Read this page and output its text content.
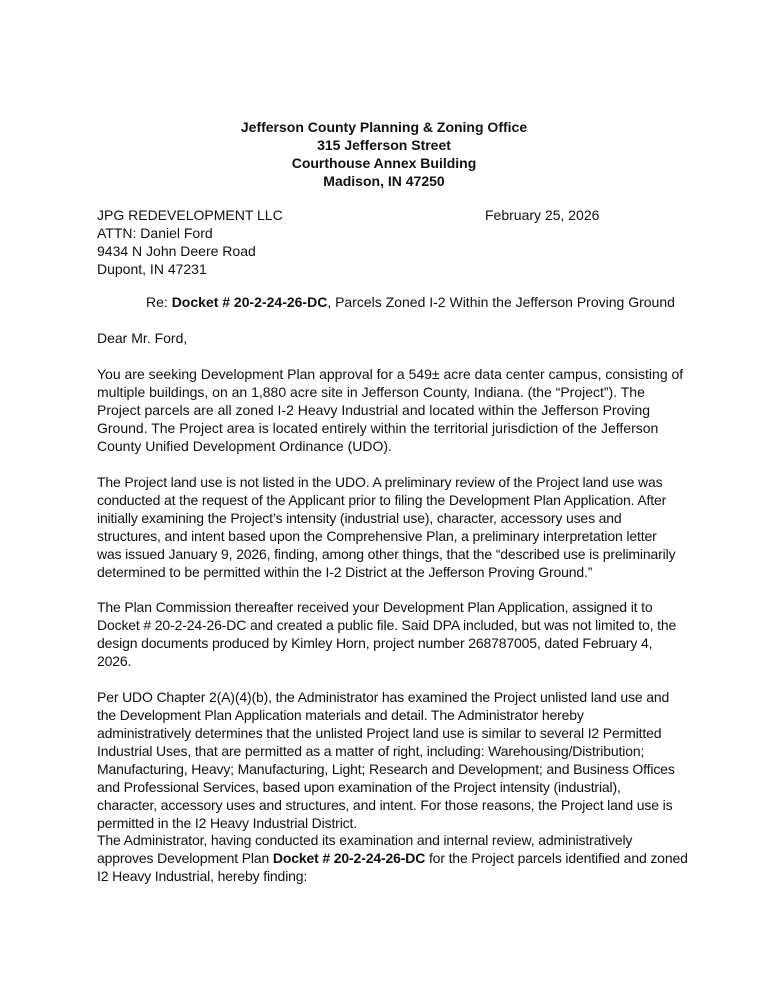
Jefferson County Planning & Zoning Office
315 Jefferson Street
Courthouse Annex Building
Madison, IN 47250
JPG REDEVELOPMENT LLC
ATTN: Daniel Ford
9434 N John Deere Road
Dupont, IN 47231
February 25, 2026
Re: Docket # 20-2-24-26-DC, Parcels Zoned I-2 Within the Jefferson Proving Ground
Dear Mr. Ford,
You are seeking Development Plan approval for a 549± acre data center campus, consisting of
multiple buildings, on an 1,880 acre site in Jefferson County, Indiana. (the “Project”). The
Project parcels are all zoned I-2 Heavy Industrial and located within the Jefferson Proving
Ground. The Project area is located entirely within the territorial jurisdiction of the Jefferson
County Unified Development Ordinance (UDO).
The Project land use is not listed in the UDO. A preliminary review of the Project land use was
conducted at the request of the Applicant prior to filing the Development Plan Application. After
initially examining the Project’s intensity (industrial use), character, accessory uses and
structures, and intent based upon the Comprehensive Plan, a preliminary interpretation letter
was issued January 9, 2026, finding, among other things, that the “described use is preliminarily
determined to be permitted within the I-2 District at the Jefferson Proving Ground.”
The Plan Commission thereafter received your Development Plan Application, assigned it to
Docket # 20-2-24-26-DC and created a public file. Said DPA included, but was not limited to, the
design documents produced by Kimley Horn, project number 268787005, dated February 4,
2026.
Per UDO Chapter 2(A)(4)(b), the Administrator has examined the Project unlisted land use and
the Development Plan Application materials and detail. The Administrator hereby
administratively determines that the unlisted Project land use is similar to several I2 Permitted
Industrial Uses, that are permitted as a matter of right, including: Warehousing/Distribution;
Manufacturing, Heavy; Manufacturing, Light; Research and Development; and Business Offices
and Professional Services, based upon examination of the Project intensity (industrial),
character, accessory uses and structures, and intent. For those reasons, the Project land use is
permitted in the I2 Heavy Industrial District.
The Administrator, having conducted its examination and internal review, administratively
approves Development Plan Docket # 20-2-24-26-DC for the Project parcels identified and zoned
I2 Heavy Industrial, hereby finding:
